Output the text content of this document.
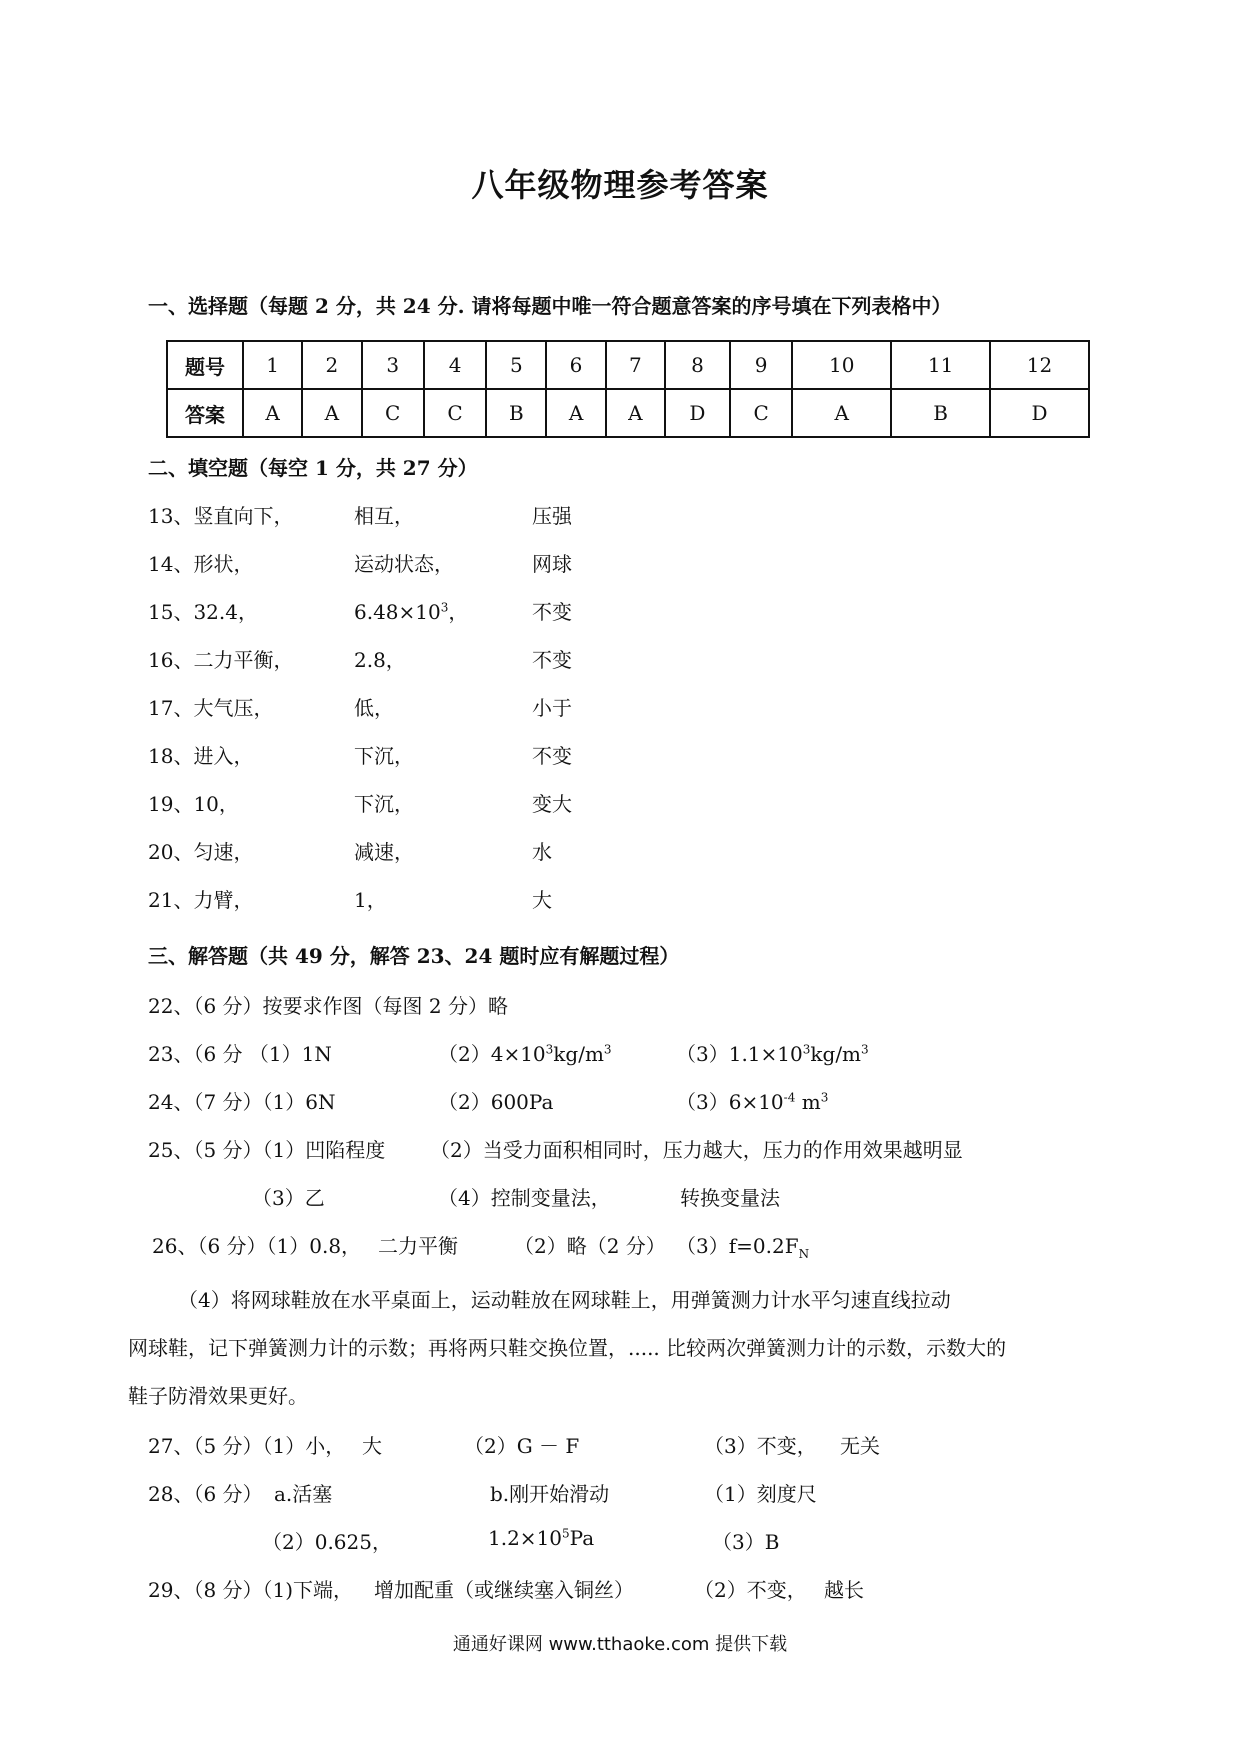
八年级物理参考答案
一、选择题（每题 2 分，共 24 分. 请将每题中唯一符合题意答案的序号填在下列表格中）
题号	1	2	3	4	5	6	7	8	9	10	11	12
答案	A	A	C	C	B	A	A	D	C	A	B	D
二、填空题（每空 1 分，共 27 分）
13、竖直向下，	相互，	压强
14、形状，	运动状态，	网球
15、32.4，	$6.48\times 10^3$，	不变
16、二力平衡，	2.8，	不变
17、大气压，	低，	小于
18、进入，	下沉，	不变
19、10，	下沉，	变大
20、匀速，	减速，	水
21、力臂，	1，	大
三、解答题（共 49 分，解答 23、24 题时应有解题过程）
22、（6 分）按要求作图（每图 2 分）略
23、（6 分 （1）1N	$(2)4\times 10^3kg/m^3$	$(3)1.1\times 10^3kg/m^3$
24、（7 分）（1）6N	（2）600Pa	$(3)6\times 10^{-4}$ $m^3$
25、（5 分）（1）凹陷程度 （2）当受力面积相同时，压力越大，压力的作用效果越明显
（3）乙	（4）控制变量法，	转换变量法
26、（6 分）（1）0.8， 二力平衡	（2）略（2 分） $(3)f=0.2F_N$
（4）将网球鞋放在水平桌面上，运动鞋放在网球鞋上，用弹簧测力计水平匀速直线拉动
网球鞋，记下弹簧测力计的示数；再将两只鞋交换位置，..... 比较两次弹簧测力计的示数，示数大的
鞋子防滑效果更好。
27、（5 分）（1）小， 大	（2）G － F	（3）不变， 无关
28、（6 分） a.活塞	b.刚开始滑动	（1）刻度尺
（2）0.625，	$1.2\times 10^5Pa$	（3）B
29、（8 分）（1)下端， 增加配重（或继续塞入铜丝）	（2）不变， 越长
通通好课网 www.tthaoke.com 提供下载
